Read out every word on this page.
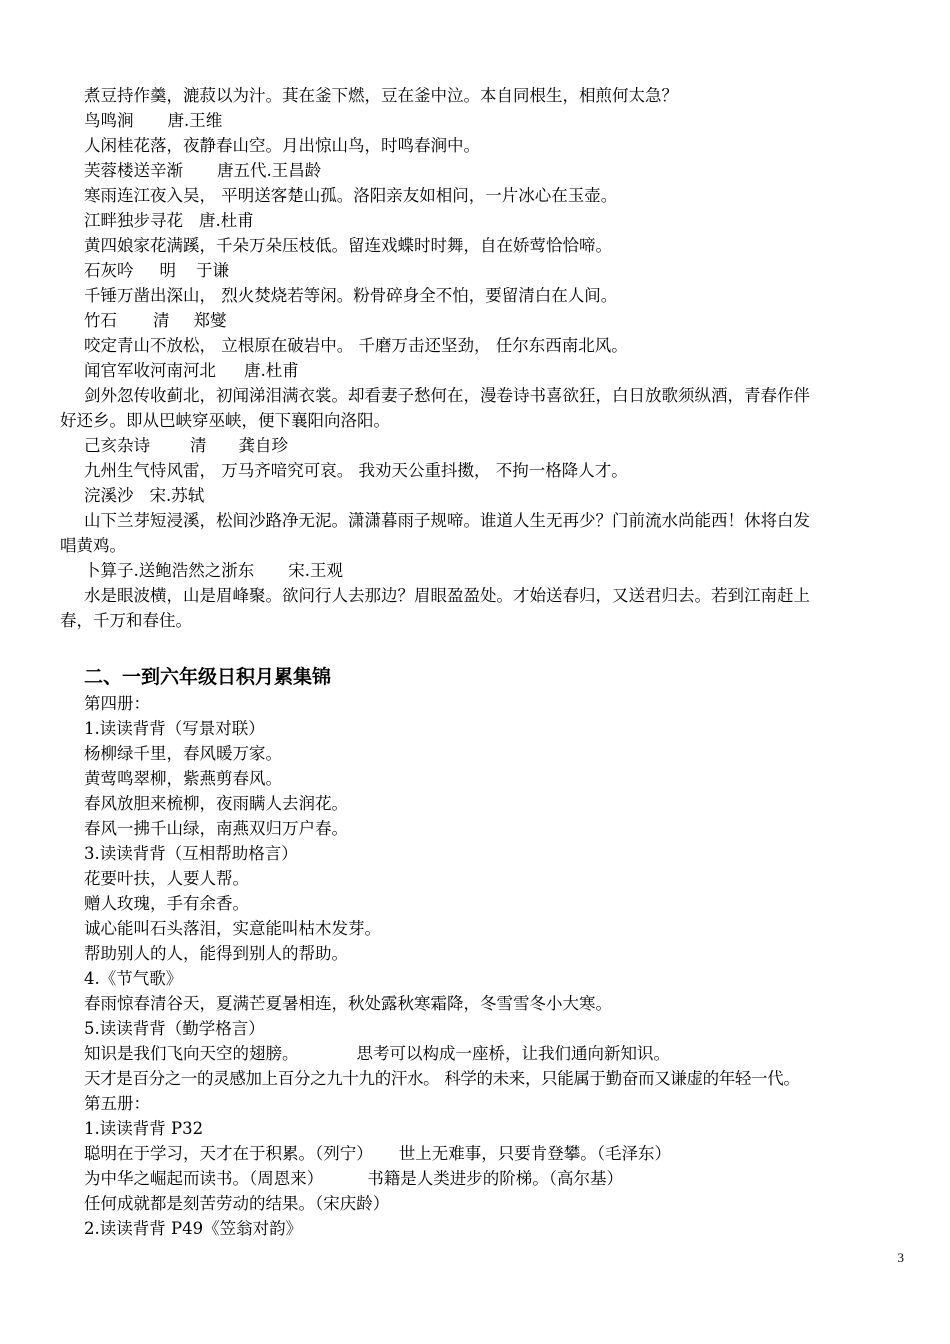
煮豆持作羹，漉菽以为汁。萁在釜下燃，豆在釜中泣。本自同根生，相煎何太急？
鸟鸣涧 唐.王维
人闲桂花落，夜静春山空。月出惊山鸟，时鸣春涧中。
芙蓉楼送辛渐 唐五代.王昌龄
寒雨连江夜入吴， 平明送客楚山孤。洛阳亲友如相问，一片冰心在玉壶。
江畔独步寻花 唐.杜甫
黄四娘家花满蹊，千朵万朵压枝低。留连戏蝶时时舞，自在娇莺恰恰啼。
石灰吟 明 于谦
千锤万凿出深山， 烈火焚烧若等闲。粉骨碎身全不怕，要留清白在人间。
竹石 清 郑燮
咬定青山不放松， 立根原在破岩中。 千磨万击还坚劲， 任尔东西南北风。
闻官军收河南河北 唐.杜甫
剑外忽传收蓟北，初闻涕泪满衣裳。却看妻子愁何在，漫卷诗书喜欲狂，白日放歌须纵酒，青春作伴
好还乡。即从巴峡穿巫峡，便下襄阳向洛阳。
己亥杂诗 清 龚自珍
九州生气恃风雷， 万马齐喑究可哀。 我劝天公重抖擞， 不拘一格降人才。
浣溪沙 宋.苏轼
山下兰芽短浸溪，松间沙路净无泥。潇潇暮雨子规啼。谁道人生无再少？门前流水尚能西！休将白发
唱黄鸡。
卜算子.送鲍浩然之浙东 宋.王观
水是眼波横，山是眉峰聚。欲问行人去那边？眉眼盈盈处。才始送春归，又送君归去。若到江南赶上
春，千万和春住。
二、一到六年级日积月累集锦
第四册：
1.读读背背（写景对联）
杨柳绿千里，春风暖万家。
黄莺鸣翠柳，紫燕剪春风。
春风放胆来梳柳，夜雨瞒人去润花。
春风一拂千山绿，南燕双归万户春。
3.读读背背（互相帮助格言）
花要叶扶，人要人帮。
赠人玫瑰，手有余香。
诚心能叫石头落泪，实意能叫枯木发芽。
帮助别人的人，能得到别人的帮助。
4.《节气歌》
春雨惊春清谷天，夏满芒夏暑相连，秋处露秋寒霜降，冬雪雪冬小大寒。
5.读读背背（勤学格言）
知识是我们飞向天空的翅膀。	思考可以构成一座桥，让我们通向新知识。
天才是百分之一的灵感加上百分之九十九的汗水。 科学的未来，只能属于勤奋而又谦虚的年轻一代。
第五册：
1.读读背背 P32
聪明在于学习，天才在于积累。（列宁） 世上无难事，只要肯登攀。（毛泽东）
为中华之崛起而读书。（周恩来）	书籍是人类进步的阶梯。（高尔基）
任何成就都是刻苦劳动的结果。（宋庆龄）
2.读读背背 P49《笠翁对韵》
3
